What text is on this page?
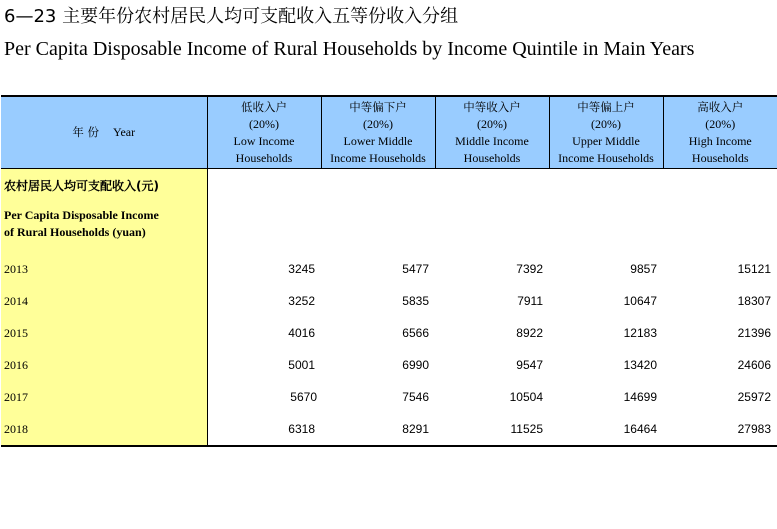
6—23 主要年份农村居民人均可支配收入五等份收入分组
Per Capita Disposable Income of Rural Households by Income Quintile in Main Years
年 份 Year	低收入户
(20%)
Low Income
Households	中等偏下户
(20%)
Lower Middle
Income Households	中等收入户
(20%)
Middle Income
Households	中等偏上户
(20%)
Upper Middle
Income Households	高收入户
(20%)
High Income
Households
农村居民人均可支配收入(元)					
Per Capita Disposable Income
of Rural Households (yuan)					
2013	3245	5477	7392	9857	15121
2014	3252	5835	7911	10647	18307
2015	4016	6566	8922	12183	21396
2016	5001	6990	9547	13420	24606
2017	5670	7546	10504	14699	25972
2018	6318	8291	11525	16464	27983
